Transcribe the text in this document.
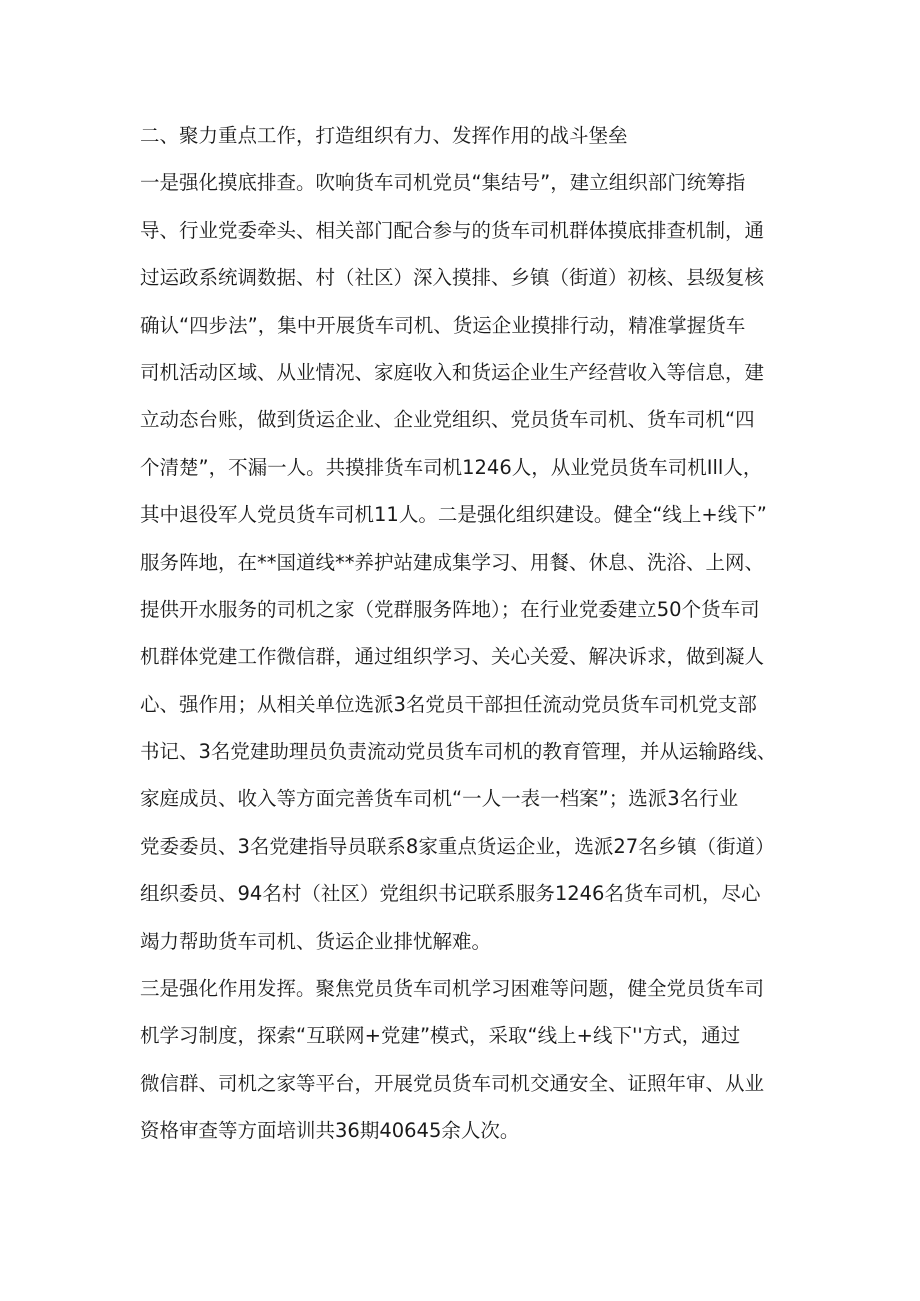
二、聚力重点工作，打造组织有力、发挥作用的战斗堡垒
一是强化摸底排查。吹响货车司机党员“集结号”，建立组织部门统筹指
导、行业党委牵头、相关部门配合参与的货车司机群体摸底排查机制，通
过运政系统调数据、村（社区）深入摸排、乡镇（街道）初核、县级复核
确认“四步法”，集中开展货车司机、货运企业摸排行动，精准掌握货车
司机活动区域、从业情况、家庭收入和货运企业生产经营收入等信息，建
立动态台账，做到货运企业、企业党组织、党员货车司机、货车司机“四
个清楚”，不漏一人。共摸排货车司机1246人，从业党员货车司机Ill人，
其中退役军人党员货车司机11人。二是强化组织建设。健全“线上+线下”
服务阵地，在**国道线**养护站建成集学习、用餐、休息、洗浴、上网、
提供开水服务的司机之家（党群服务阵地）；在行业党委建立50个货车司
机群体党建工作微信群，通过组织学习、关心关爱、解决诉求，做到凝人
心、强作用；从相关单位选派3名党员干部担任流动党员货车司机党支部
书记、3名党建助理员负责流动党员货车司机的教育管理，并从运输路线、
家庭成员、收入等方面完善货车司机“一人一表一档案”；选派3名行业
党委委员、3名党建指导员联系8家重点货运企业，选派27名乡镇（街道）
组织委员、94名村（社区）党组织书记联系服务1246名货车司机，尽心
竭力帮助货车司机、货运企业排忧解难。
三是强化作用发挥。聚焦党员货车司机学习困难等问题，健全党员货车司
机学习制度，探索“互联网+党建”模式，采取“线上+线下''方式，通过
微信群、司机之家等平台，开展党员货车司机交通安全、证照年审、从业
资格审查等方面培训共36期40645余人次。
